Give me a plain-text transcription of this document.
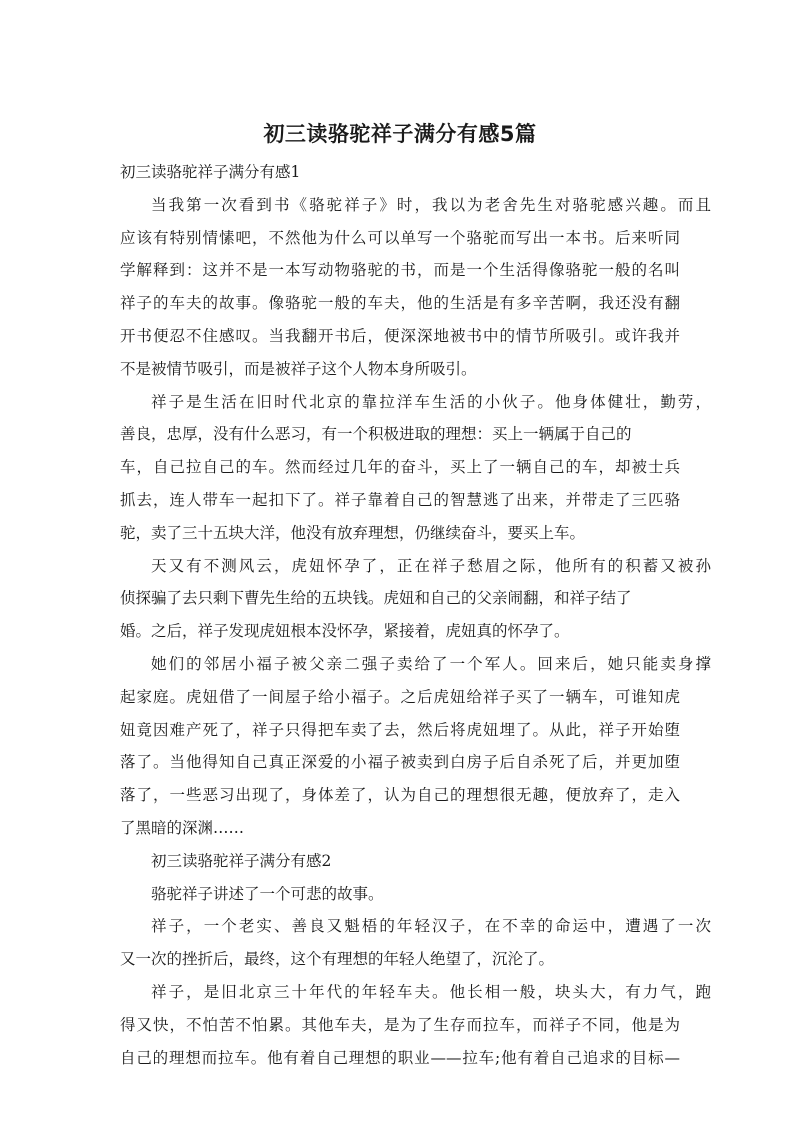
初三读骆驼祥子满分有感5篇

初三读骆驼祥子满分有感1

当我第一次看到书《骆驼祥子》时，我以为老舍先生对骆驼感兴趣。而且

应该有特别情愫吧，不然他为什么可以单写一个骆驼而写出一本书。后来听同

学解释到：这并不是一本写动物骆驼的书，而是一个生活得像骆驼一般的名叫

祥子的车夫的故事。像骆驼一般的车夫，他的生活是有多辛苦啊，我还没有翻

开书便忍不住感叹。当我翻开书后，便深深地被书中的情节所吸引。或许我并

不是被情节吸引，而是被祥子这个人物本身所吸引。

祥子是生活在旧时代北京的靠拉洋车生活的小伙子。他身体健壮，勤劳，

善良，忠厚，没有什么恶习，有一个积极进取的理想：买上一辆属于自己的

车，自己拉自己的车。然而经过几年的奋斗，买上了一辆自己的车，却被士兵

抓去，连人带车一起扣下了。祥子靠着自己的智慧逃了出来，并带走了三匹骆

驼，卖了三十五块大洋，他没有放弃理想，仍继续奋斗，要买上车。

天又有不测风云，虎妞怀孕了，正在祥子愁眉之际，他所有的积蓄又被孙

侦探骗了去只剩下曹先生给的五块钱。虎妞和自己的父亲闹翻，和祥子结了

婚。之后，祥子发现虎妞根本没怀孕，紧接着，虎妞真的怀孕了。

她们的邻居小福子被父亲二强子卖给了一个军人。回来后，她只能卖身撑

起家庭。虎妞借了一间屋子给小福子。之后虎妞给祥子买了一辆车，可谁知虎

妞竟因难产死了，祥子只得把车卖了去，然后将虎妞埋了。从此，祥子开始堕

落了。当他得知自己真正深爱的小福子被卖到白房子后自杀死了后，并更加堕

落了，一些恶习出现了，身体差了，认为自己的理想很无趣，便放弃了，走入

了黑暗的深渊……

初三读骆驼祥子满分有感2

骆驼祥子讲述了一个可悲的故事。

祥子，一个老实、善良又魁梧的年轻汉子，在不幸的命运中，遭遇了一次

又一次的挫折后，最终，这个有理想的年轻人绝望了，沉沦了。

祥子，是旧北京三十年代的年轻车夫。他长相一般，块头大，有力气，跑

得又快，不怕苦不怕累。其他车夫，是为了生存而拉车，而祥子不同，他是为

自己的理想而拉车。他有着自己理想的职业——拉车;他有着自己追求的目标—
